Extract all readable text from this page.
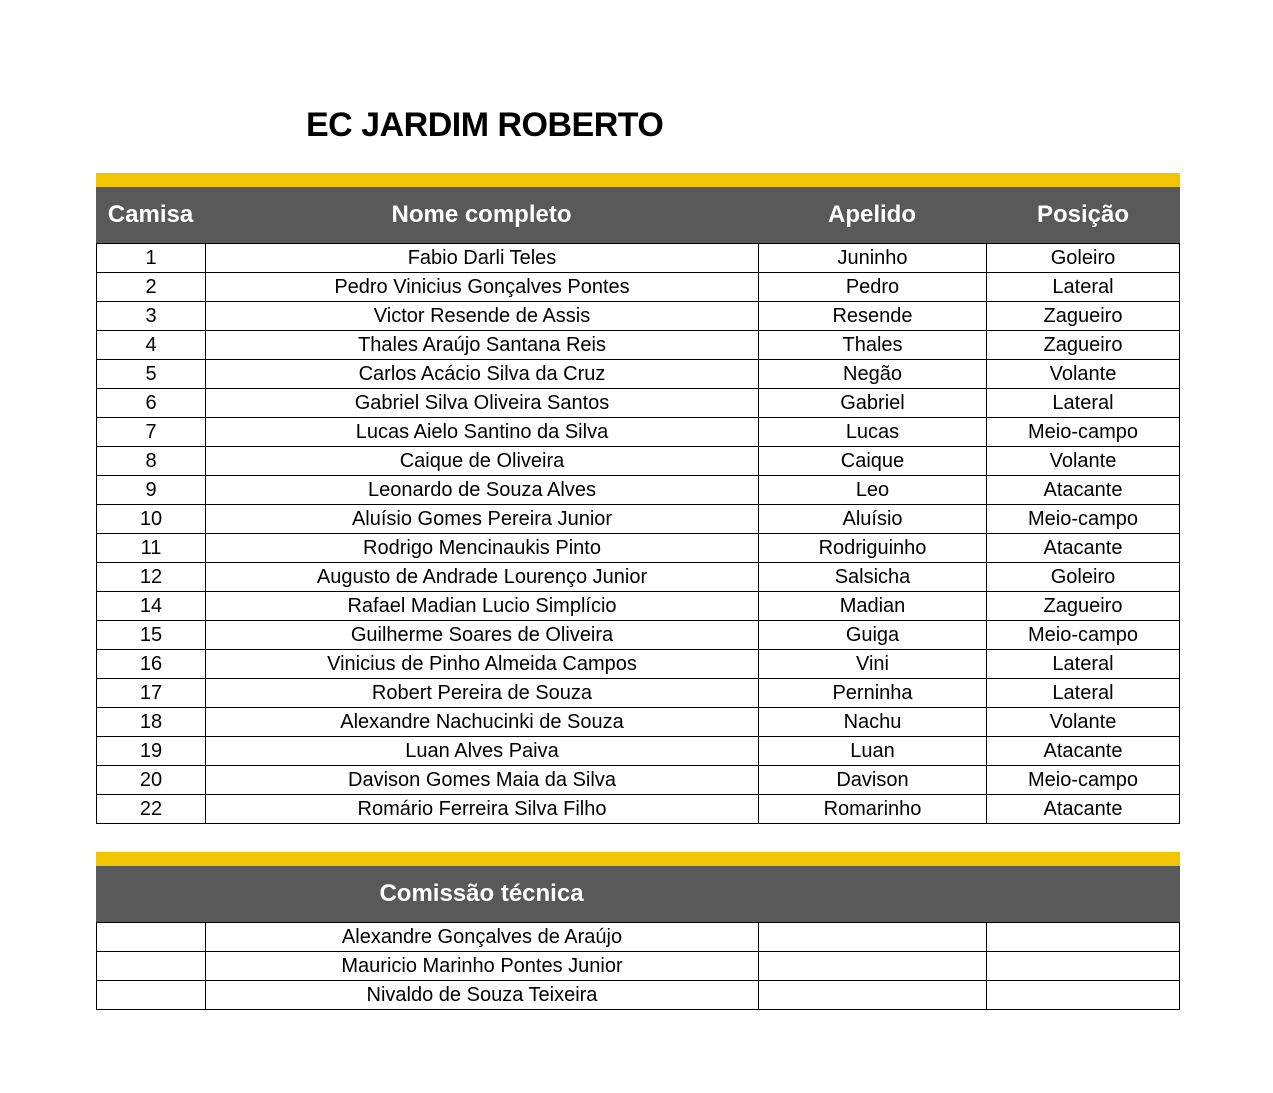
EC JARDIM ROBERTO
Camisa	Nome completo	Apelido	Posição
1	Fabio Darli Teles	Juninho	Goleiro
2	Pedro Vinicius Gonçalves Pontes	Pedro	Lateral
3	Victor Resende de Assis	Resende	Zagueiro
4	Thales Araújo Santana Reis	Thales	Zagueiro
5	Carlos Acácio Silva da Cruz	Negão	Volante
6	Gabriel Silva Oliveira Santos	Gabriel	Lateral
7	Lucas Aielo Santino da Silva	Lucas	Meio-campo
8	Caique de Oliveira	Caique	Volante
9	Leonardo de Souza Alves	Leo	Atacante
10	Aluísio Gomes Pereira Junior	Aluísio	Meio-campo
11	Rodrigo Mencinaukis Pinto	Rodriguinho	Atacante
12	Augusto de Andrade Lourenço Junior	Salsicha	Goleiro
14	Rafael Madian Lucio Simplício	Madian	Zagueiro
15	Guilherme Soares de Oliveira	Guiga	Meio-campo
16	Vinicius de Pinho Almeida Campos	Vini	Lateral
17	Robert Pereira de Souza	Perninha	Lateral
18	Alexandre Nachucinki de Souza	Nachu	Volante
19	Luan Alves Paiva	Luan	Atacante
20	Davison Gomes Maia da Silva	Davison	Meio-campo
22	Romário Ferreira Silva Filho	Romarinho	Atacante
Comissão técnica
Alexandre Gonçalves de Araújo
Mauricio Marinho Pontes Junior
Nivaldo de Souza Teixeira
